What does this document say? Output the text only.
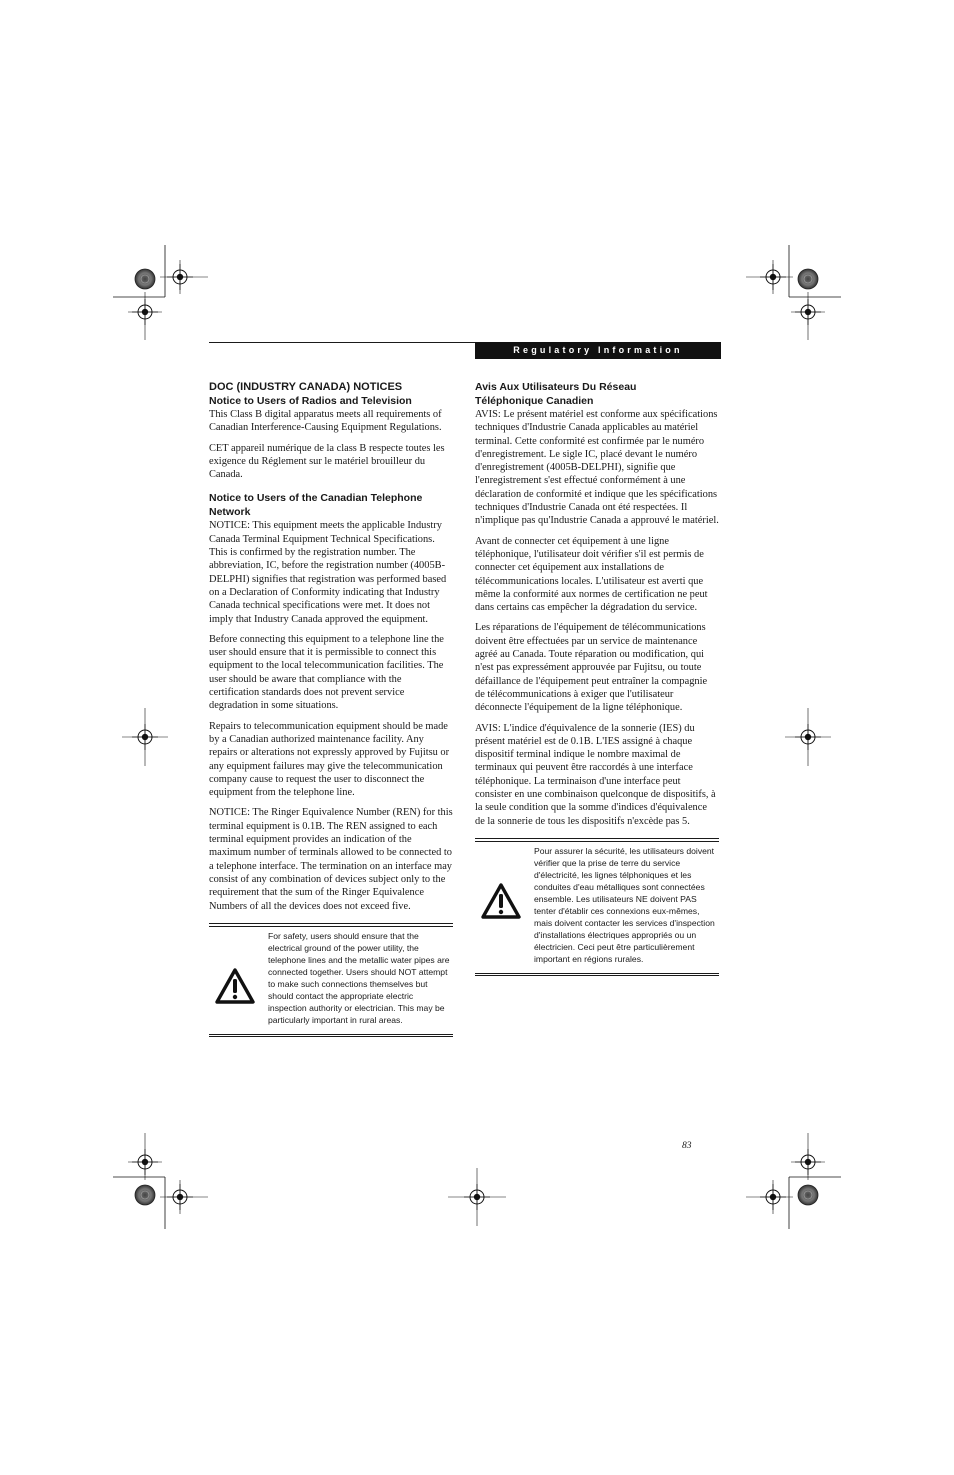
Regulatory Information

DOC (INDUSTRY CANADA) NOTICES

Notice to Users of Radios and Television

This Class B digital apparatus meets all requirements of Canadian Interference-Causing Equipment Regulations.

CET appareil numérique de la class B respecte toutes les exigence du Réglement sur le matériel brouilleur du Canada.

Notice to Users of the Canadian Telephone Network

NOTICE: This equipment meets the applicable Industry Canada Terminal Equipment Technical Specifications. This is confirmed by the registration number. The abbreviation, IC, before the registration number (4005B-DELPHI) signifies that registration was performed based on a Declaration of Conformity indicating that Industry Canada technical specifications were met. It does not imply that Industry Canada approved the equipment.

Before connecting this equipment to a telephone line the user should ensure that it is permissible to connect this equipment to the local telecommunication facilities. The user should be aware that compliance with the certification standards does not prevent service degradation in some situations.

Repairs to telecommunication equipment should be made by a Canadian authorized maintenance facility. Any repairs or alterations not expressly approved by Fujitsu or any equipment failures may give the telecommunication company cause to request the user to disconnect the equipment from the telephone line.

NOTICE: The Ringer Equivalence Number (REN) for this terminal equipment is 0.1B. The REN assigned to each terminal equipment provides an indication of the maximum number of terminals allowed to be connected to a telephone interface. The termination on an interface may consist of any combination of devices subject only to the requirement that the sum of the Ringer Equivalence Numbers of all the devices does not exceed five.

For safety, users should ensure that the electrical ground of the power utility, the telephone lines and the metallic water pipes are connected together. Users should NOT attempt to make such connections themselves but should contact the appropriate electric inspection authority or electrician. This may be particularly important in rural areas.

Avis Aux Utilisateurs Du Réseau

Téléphonique Canadien

AVIS: Le présent matériel est conforme aux spécifications techniques d'Industrie Canada applicables au matériel terminal. Cette conformité est confirmée par le numéro d'enregistrement. Le sigle IC, placé devant le numéro d'enregistrement (4005B-DELPHI), signifie que l'enregistrement s'est effectué conformément à une déclaration de conformité et indique que les spécifications techniques d'Industrie Canada ont été respectées. Il n'implique pas qu'Industrie Canada a approuvé le matériel.

Avant de connecter cet équipement à une ligne téléphonique, l'utilisateur doit vérifier s'il est permis de connecter cet équipement aux installations de télécommunications locales. L'utilisateur est averti que même la conformité aux normes de certification ne peut dans certains cas empêcher la dégradation du service.

Les réparations de l'équipement de télécommunications doivent être effectuées par un service de maintenance agréé au Canada. Toute réparation ou modification, qui n'est pas expressément approuvée par Fujitsu, ou toute défaillance de l'équipement peut entraîner la compagnie de télécommunications à exiger que l'utilisateur déconnecte l'équipement de la ligne téléphonique.

AVIS: L'indice d'équivalence de la sonnerie (IES) du présent matériel est de 0.1B. L'IES assigné à chaque dispositif terminal indique le nombre maximal de terminaux qui peuvent être raccordés à une interface téléphonique. La terminaison d'une interface peut consister en une combinaison quelconque de dispositifs, à la seule condition que la somme d'indices d'équivalence de la sonnerie de tous les dispositifs n'excède pas 5.

Pour assurer la sécurité, les utilisateurs doivent vérifier que la prise de terre du service d'électricité, les lignes télphoniques et les conduites d'eau métalliques sont connectées ensemble. Les utilisateurs NE doivent PAS tenter d'établir ces connexions eux-mêmes, mais doivent contacter les services d'inspection d'installations électriques appropriés ou un électricien. Ceci peut être particulièrement important en régions rurales.
83
